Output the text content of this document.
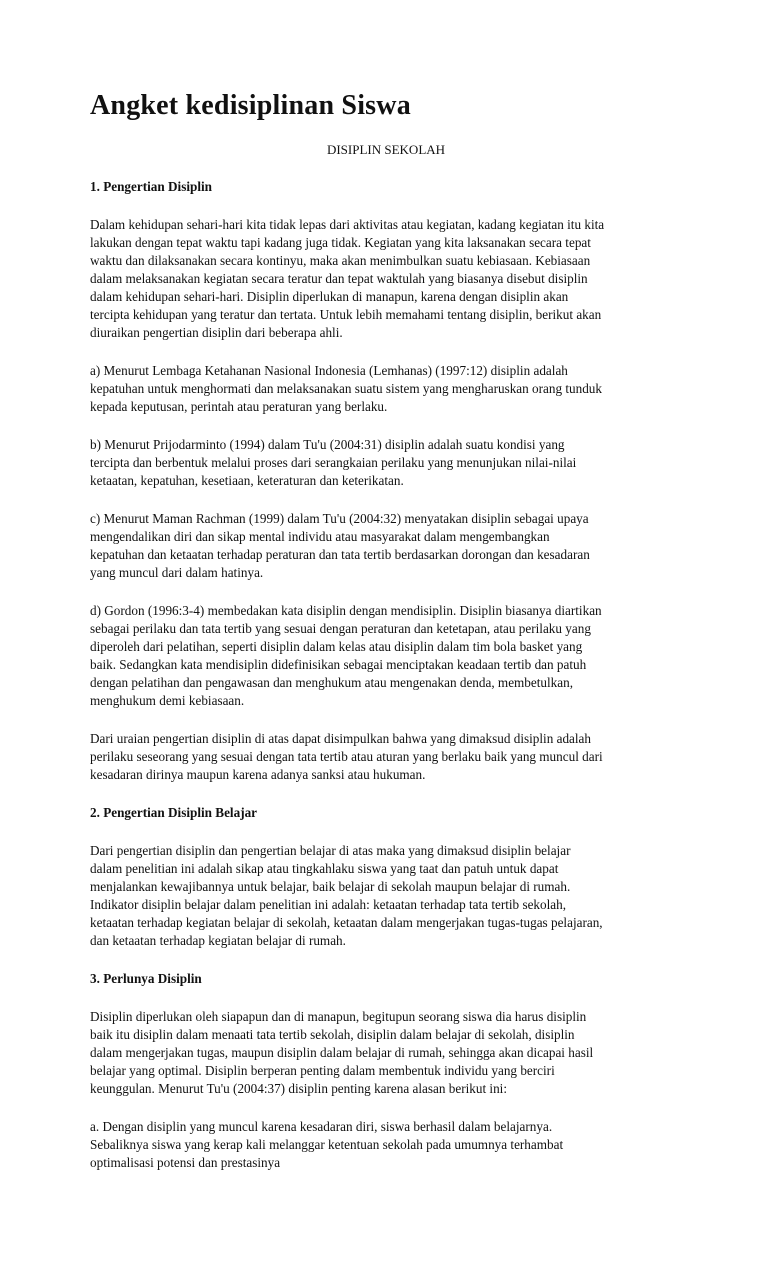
Angket kedisiplinan Siswa
DISIPLIN SEKOLAH
1. Pengertian Disiplin
Dalam kehidupan sehari-hari kita tidak lepas dari aktivitas atau kegiatan, kadang kegiatan itu kita
lakukan dengan tepat waktu tapi kadang juga tidak. Kegiatan yang kita laksanakan secara tepat
waktu dan dilaksanakan secara kontinyu, maka akan menimbulkan suatu kebiasaan. Kebiasaan
dalam melaksanakan kegiatan secara teratur dan tepat waktulah yang biasanya disebut disiplin
dalam kehidupan sehari-hari. Disiplin diperlukan di manapun, karena dengan disiplin akan
tercipta kehidupan yang teratur dan tertata. Untuk lebih memahami tentang disiplin, berikut akan
diuraikan pengertian disiplin dari beberapa ahli.
a) Menurut Lembaga Ketahanan Nasional Indonesia (Lemhanas) (1997:12) disiplin adalah
kepatuhan untuk menghormati dan melaksanakan suatu sistem yang mengharuskan orang tunduk
kepada keputusan, perintah atau peraturan yang berlaku.
b) Menurut Prijodarminto (1994) dalam Tu'u (2004:31) disiplin adalah suatu kondisi yang
tercipta dan berbentuk melalui proses dari serangkaian perilaku yang menunjukan nilai-nilai
ketaatan, kepatuhan, kesetiaan, keteraturan dan keterikatan.
c) Menurut Maman Rachman (1999) dalam Tu'u (2004:32) menyatakan disiplin sebagai upaya
mengendalikan diri dan sikap mental individu atau masyarakat dalam mengembangkan
kepatuhan dan ketaatan terhadap peraturan dan tata tertib berdasarkan dorongan dan kesadaran
yang muncul dari dalam hatinya.
d) Gordon (1996:3-4) membedakan kata disiplin dengan mendisiplin. Disiplin biasanya diartikan
sebagai perilaku dan tata tertib yang sesuai dengan peraturan dan ketetapan, atau perilaku yang
diperoleh dari pelatihan, seperti disiplin dalam kelas atau disiplin dalam tim bola basket yang
baik. Sedangkan kata mendisiplin didefinisikan sebagai menciptakan keadaan tertib dan patuh
dengan pelatihan dan pengawasan dan menghukum atau mengenakan denda, membetulkan,
menghukum demi kebiasaan.
Dari uraian pengertian disiplin di atas dapat disimpulkan bahwa yang dimaksud disiplin adalah
perilaku seseorang yang sesuai dengan tata tertib atau aturan yang berlaku baik yang muncul dari
kesadaran dirinya maupun karena adanya sanksi atau hukuman.
2. Pengertian Disiplin Belajar
Dari pengertian disiplin dan pengertian belajar di atas maka yang dimaksud disiplin belajar
dalam penelitian ini adalah sikap atau tingkahlaku siswa yang taat dan patuh untuk dapat
menjalankan kewajibannya untuk belajar, baik belajar di sekolah maupun belajar di rumah.
Indikator disiplin belajar dalam penelitian ini adalah: ketaatan terhadap tata tertib sekolah,
ketaatan terhadap kegiatan belajar di sekolah, ketaatan dalam mengerjakan tugas-tugas pelajaran,
dan ketaatan terhadap kegiatan belajar di rumah.
3. Perlunya Disiplin
Disiplin diperlukan oleh siapapun dan di manapun, begitupun seorang siswa dia harus disiplin
baik itu disiplin dalam menaati tata tertib sekolah, disiplin dalam belajar di sekolah, disiplin
dalam mengerjakan tugas, maupun disiplin dalam belajar di rumah, sehingga akan dicapai hasil
belajar yang optimal. Disiplin berperan penting dalam membentuk individu yang berciri
keunggulan. Menurut Tu'u (2004:37) disiplin penting karena alasan berikut ini:
a. Dengan disiplin yang muncul karena kesadaran diri, siswa berhasil dalam belajarnya.
Sebaliknya siswa yang kerap kali melanggar ketentuan sekolah pada umumnya terhambat
optimalisasi potensi dan prestasinya
